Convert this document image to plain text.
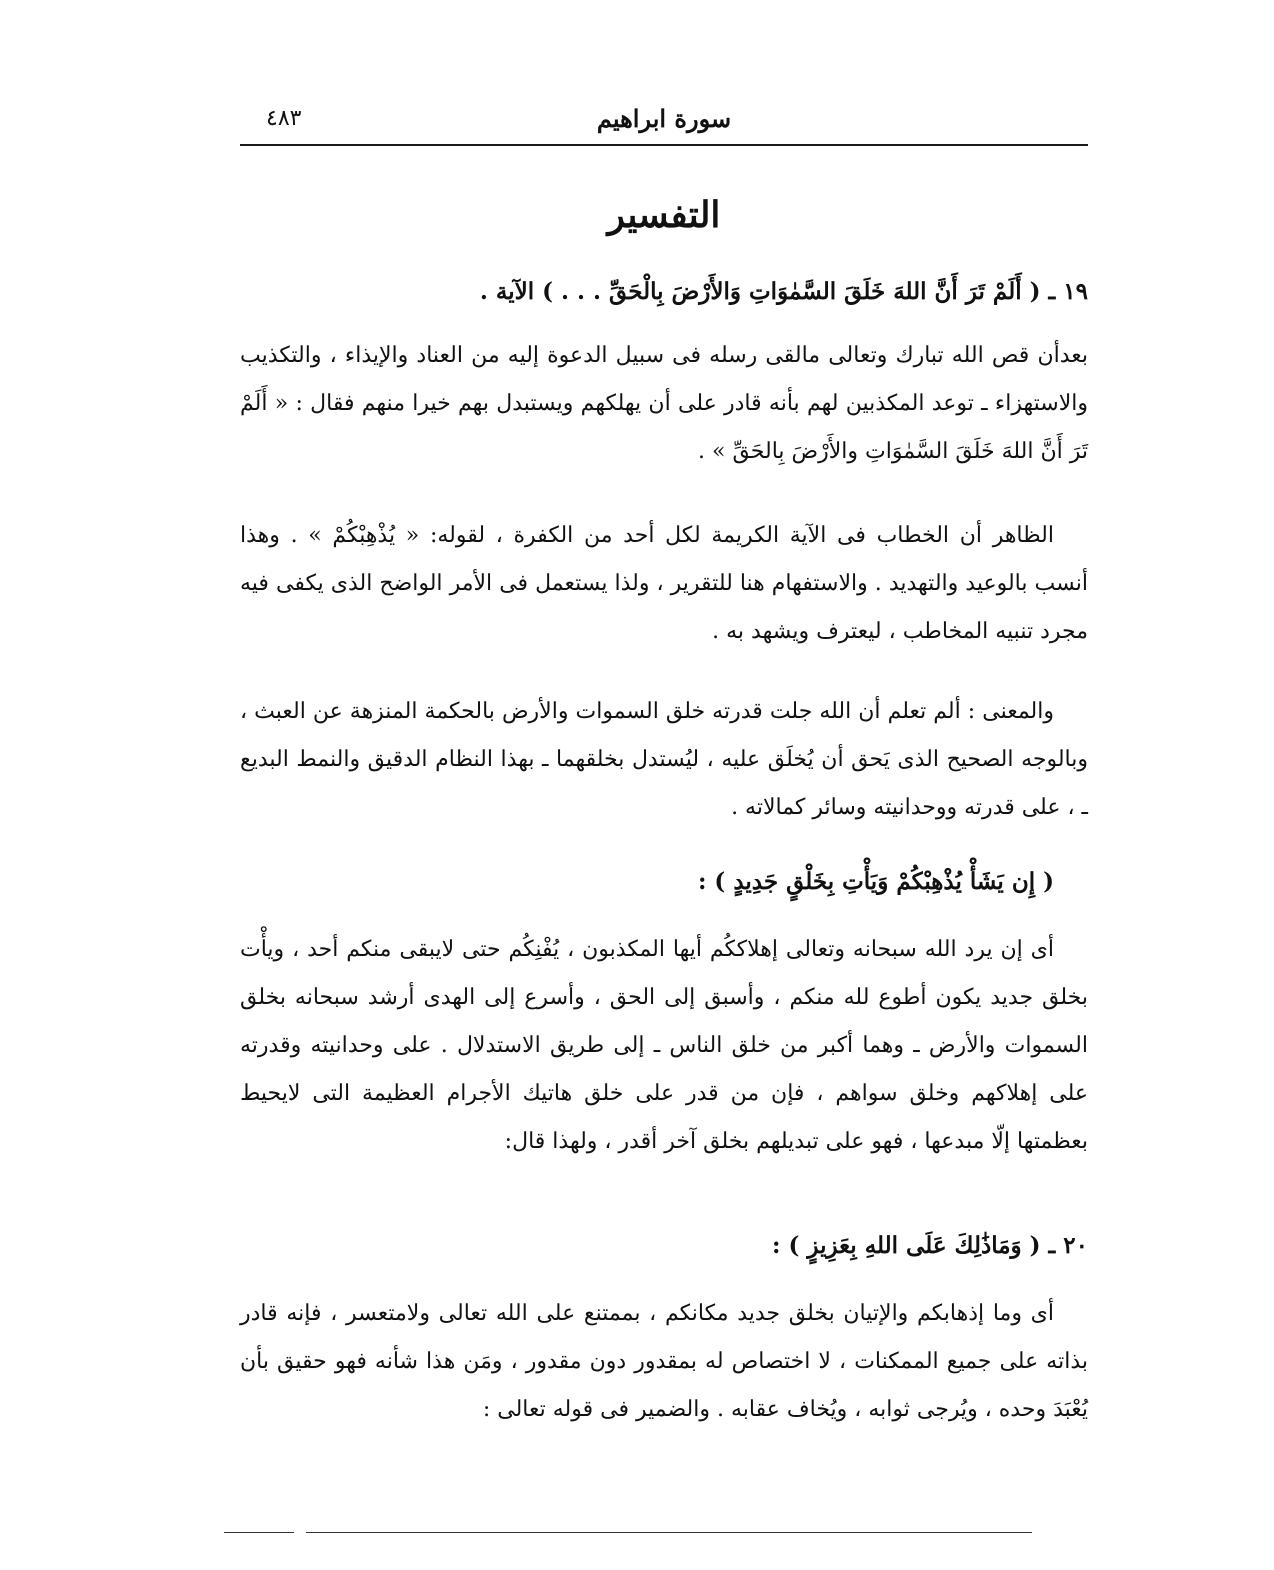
سورة ابراهيم
٤٨٣
التفسير
١٩ ـ ( أَلَمْ تَرَ أَنَّ اللهَ خَلَقَ السَّمٰوَاتِ وَالأَرْضَ بِالْحَقِّ . . . ) الآية .
بعدأن قص الله تبارك وتعالى مالقى رسله فى سبيل الدعوة إليه من العناد والإيذاء ، والتكذيب والاستهزاء ـ توعد المكذبين لهم بأنه قادر على أن يهلكهم ويستبدل بهم خيرا منهم فقال : « أَلَمْ تَرَ أَنَّ اللهَ خَلَقَ السَّمٰوَاتِ والأَرْضَ بِالحَقِّ » .
الظاهر أن الخطاب فى الآية الكريمة لكل أحد من الكفرة ، لقوله: « يُذْهِبْكُمْ » . وهذا أنسب بالوعيد والتهديد . والاستفهام هنا للتقرير ، ولذا يستعمل فى الأمر الواضح الذى يكفى فيه مجرد تنبيه المخاطب ، ليعترف ويشهد به .
والمعنى : ألم تعلم أن الله جلت قدرته خلق السموات والأرض بالحكمة المنزهة عن العبث ، وبالوجه الصحيح الذى يَحق أن يُخلَق عليه ، ليُستدل بخلقهما ـ بهذا النظام الدقيق والنمط البديع ـ ، على قدرته ووحدانيته وسائر كمالاته .
( إِن يَشَأْ يُذْهِبْكُمْ وَيَأْتِ بِخَلْقٍ جَدِيدٍ ) :
أى إن يرد الله سبحانه وتعالى إهلاككُم أيها المكذبون ، يُفْنِكُم حتى لايبقى منكم أحد ، ويأْت بخلق جديد يكون أطوع لله منكم ، وأسبق إلى الحق ، وأسرع إلى الهدى أرشد سبحانه بخلق السموات والأرض ـ وهما أكبر من خلق الناس ـ إلى طريق الاستدلال . على وحدانيته وقدرته على إهلاكهم وخلق سواهم ، فإن من قدر على خلق هاتيك الأجرام العظيمة التى لايحيط بعظمتها إلّا مبدعها ، فهو على تبديلهم بخلق آخر أقدر ، ولهذا قال:
٢٠ ـ ( وَمَاذَٰلِكَ عَلَى اللهِ بِعَزِيزٍ ) :
أى وما إذهابكم والإتيان بخلق جديد مكانكم ، بممتنع على الله تعالى ولامتعسر ، فإنه قادر بذاته على جميع الممكنات ، لا اختصاص له بمقدور دون مقدور ، ومَن هذا شأنه فهو حقيق بأن يُعْبَدَ وحده ، ويُرجى ثوابه ، ويُخاف عقابه . والضمير فى قوله تعالى :
